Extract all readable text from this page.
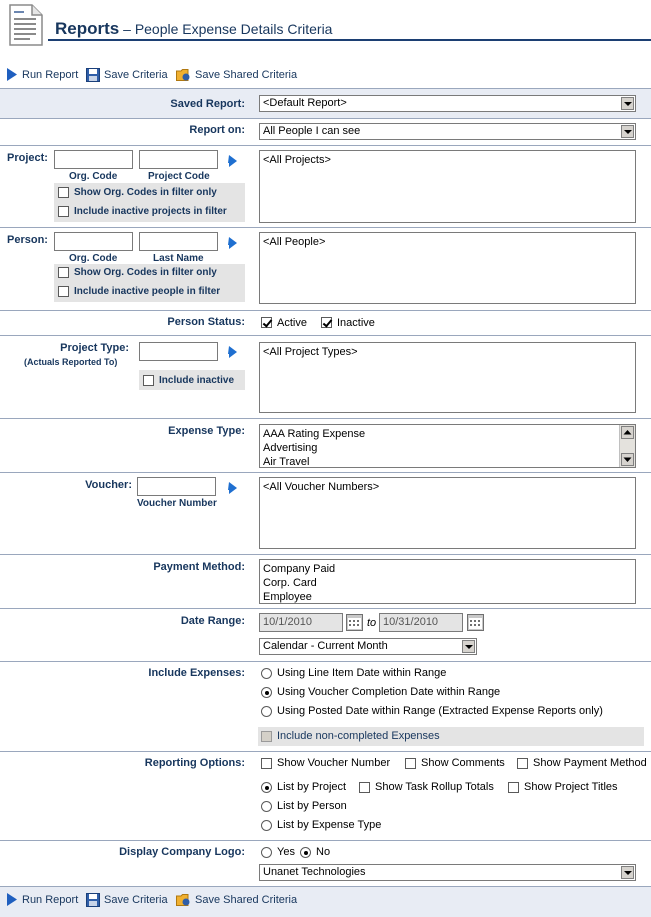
Reports – People Expense Details Criteria
Run Report Save Criteria Save Shared Criteria
Saved Report:	<Default Report>
Report on:	All People I can see
Project:
Org. Code	Project Code
Show Org. Codes in filter only
Include inactive projects in filter
<All Projects>
Person:
Org. Code	Last Name
Show Org. Codes in filter only
Include inactive people in filter
<All People>
Person Status:	Active	Inactive
Project Type:
(Actuals Reported To)
Include inactive
<All Project Types>
Expense Type: AAA Rating Expense
Advertising
Air Travel
Voucher:
Voucher Number
<All Voucher Numbers>
Payment Method: Company Paid
Corp. Card
Employee
Date Range:	10/1/2010	to 10/31/2010
Calendar - Current Month
Include Expenses:	Using Line Item Date within Range
Using Voucher Completion Date within Range
Using Posted Date within Range (Extracted Expense Reports only)
Include non-completed Expenses
Reporting Options:	Show Voucher Number	Show Comments	Show Payment Method
List by Project	Show Task Rollup Totals	Show Project Titles
List by Person
List by Expense Type
Display Company Logo:	Yes No
Unanet Technologies
Run Report Save Criteria Save Shared Criteria
